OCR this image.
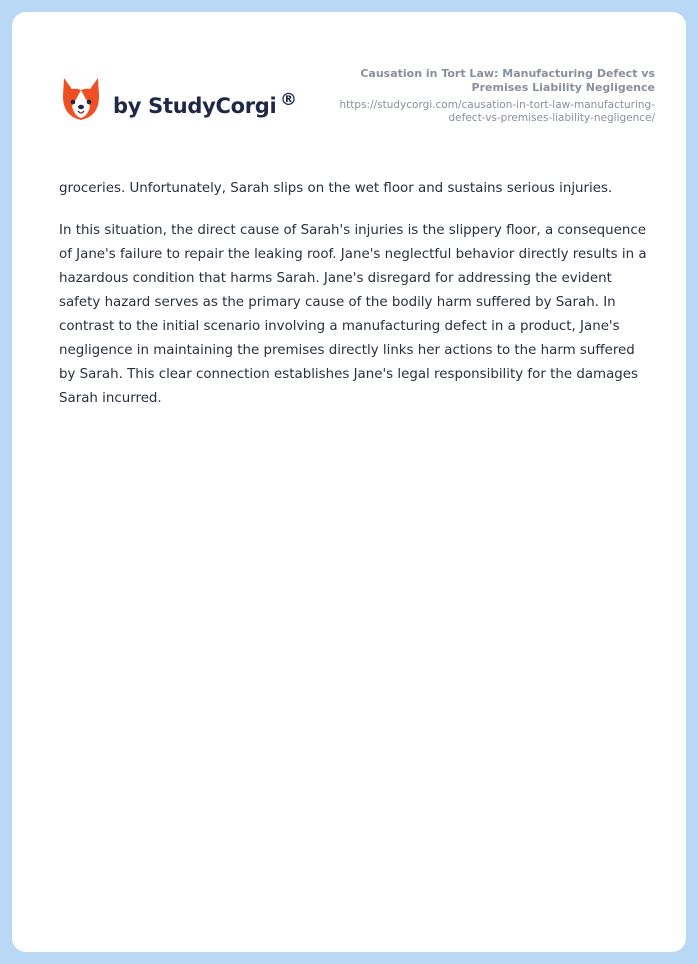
by StudyCorgi ®
Causation in Tort Law: Manufacturing Defect vs Premises Liability Negligence
https://studycorgi.com/causation-in-tort-law-manufacturing-defect-vs-premises-liability-negligence/

groceries. Unfortunately, Sarah slips on the wet floor and sustains serious injuries.

In this situation, the direct cause of Sarah's injuries is the slippery floor, a consequence of Jane's failure to repair the leaking roof. Jane's neglectful behavior directly results in a hazardous condition that harms Sarah. Jane's disregard for addressing the evident safety hazard serves as the primary cause of the bodily harm suffered by Sarah. In contrast to the initial scenario involving a manufacturing defect in a product, Jane's negligence in maintaining the premises directly links her actions to the harm suffered by Sarah. This clear connection establishes Jane's legal responsibility for the damages Sarah incurred.
